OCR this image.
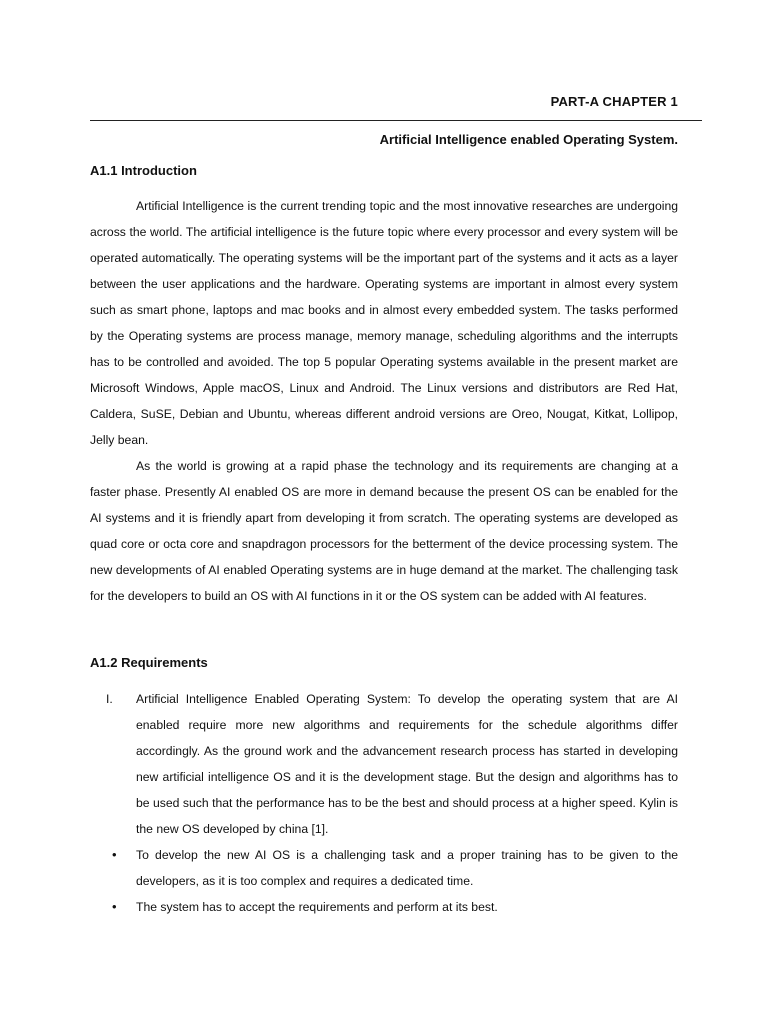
PART-A CHAPTER 1
Artificial Intelligence enabled Operating System.
A1.1 Introduction

Artificial Intelligence is the current trending topic and the most innovative researches are undergoing across the world. The artificial intelligence is the future topic where every processor and every system will be operated automatically. The operating systems will be the important part of the systems and it acts as a layer between the user applications and the hardware. Operating systems are important in almost every system such as smart phone, laptops and mac books and in almost every embedded system. The tasks performed by the Operating systems are process manage, memory manage, scheduling algorithms and the interrupts has to be controlled and avoided. The top 5 popular Operating systems available in the present market are Microsoft Windows, Apple macOS, Linux and Android. The Linux versions and distributors are Red Hat, Caldera, SuSE, Debian and Ubuntu, whereas different android versions are Oreo, Nougat, Kitkat, Lollipop, Jelly bean.

As the world is growing at a rapid phase the technology and its requirements are changing at a faster phase. Presently AI enabled OS are more in demand because the present OS can be enabled for the AI systems and it is friendly apart from developing it from scratch. The operating systems are developed as quad core or octa core and snapdragon processors for the betterment of the device processing system. The new developments of AI enabled Operating systems are in huge demand at the market. The challenging task for the developers to build an OS with AI functions in it or the OS system can be added with AI features.

A1.2 Requirements
I. Artificial Intelligence Enabled Operating System: To develop the operating system that are AI enabled require more new algorithms and requirements for the schedule algorithms differ accordingly. As the ground work and the advancement research process has started in developing new artificial intelligence OS and it is the development stage. But the design and algorithms has to be used such that the performance has to be the best and should process at a higher speed. Kylin is the new OS developed by china [1].
• To develop the new AI OS is a challenging task and a proper training has to be given to the developers, as it is too complex and requires a dedicated time.
• The system has to accept the requirements and perform at its best.
